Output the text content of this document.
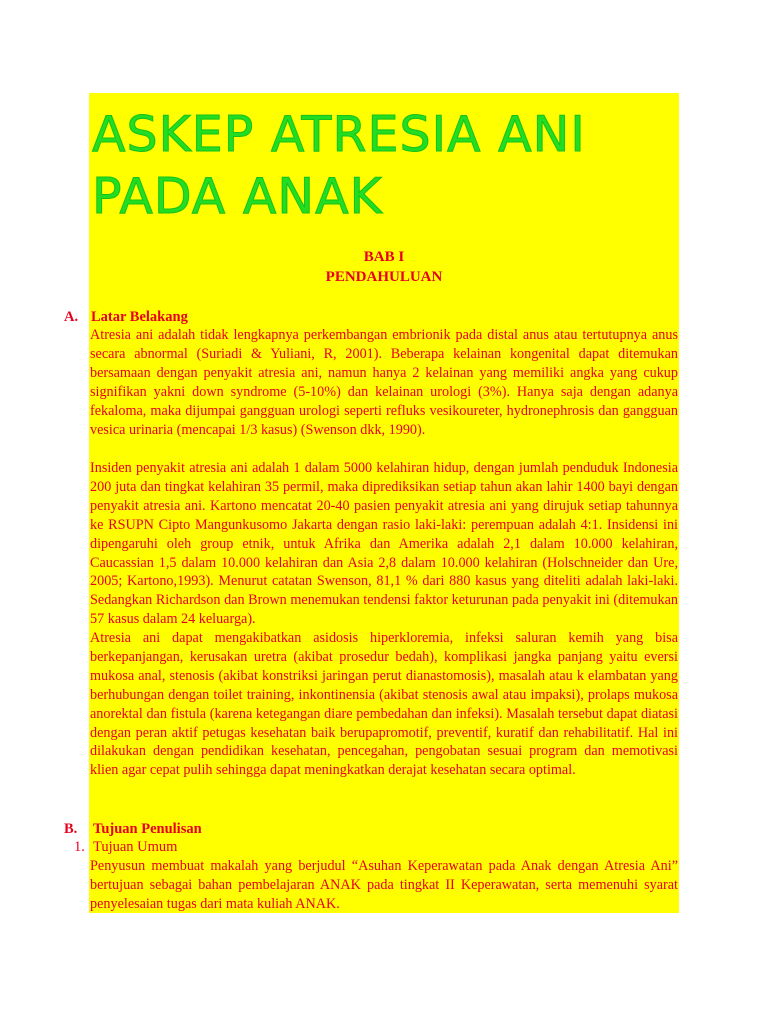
ASKEP ATRESIA ANI
PADA ANAK
BAB I
PENDAHULUAN
A. Latar Belakang

Atresia ani adalah tidak lengkapnya perkembangan embrionik pada distal anus atau tertutupnya anus secara abnormal (Suriadi & Yuliani, R, 2001). Beberapa kelainan kongenital dapat ditemukan bersamaan dengan penyakit atresia ani, namun hanya 2 kelainan yang memiliki angka yang cukup signifikan yakni down syndrome (5-10%) dan kelainan urologi (3%). Hanya saja dengan adanya fekaloma, maka dijumpai gangguan urologi seperti refluks vesikoureter, hydronephrosis dan gangguan vesica urinaria (mencapai 1/3 kasus) (Swenson dkk, 1990).

Insiden penyakit atresia ani adalah 1 dalam 5000 kelahiran hidup, dengan jumlah penduduk Indonesia 200 juta dan tingkat kelahiran 35 permil, maka diprediksikan setiap tahun akan lahir 1400 bayi dengan penyakit atresia ani. Kartono mencatat 20-40 pasien penyakit atresia ani yang dirujuk setiap tahunnya ke RSUPN Cipto Mangunkusomo Jakarta dengan rasio laki-laki: perempuan adalah 4:1. Insidensi ini dipengaruhi oleh group etnik, untuk Afrika dan Amerika adalah 2,1 dalam 10.000 kelahiran, Caucassian 1,5 dalam 10.000 kelahiran dan Asia 2,8 dalam 10.000 kelahiran (Holschneider dan Ure, 2005; Kartono,1993). Menurut catatan Swenson, 81,1 % dari 880 kasus yang diteliti adalah laki-laki. Sedangkan Richardson dan Brown menemukan tendensi faktor keturunan pada penyakit ini (ditemukan 57 kasus dalam 24 keluarga).

Atresia ani dapat mengakibatkan asidosis hiperkloremia, infeksi saluran kemih yang bisa berkepanjangan, kerusakan uretra (akibat prosedur bedah), komplikasi jangka panjang yaitu eversi mukosa anal, stenosis (akibat konstriksi jaringan perut dianastomosis), masalah atau k elambatan yang berhubungan dengan toilet training, inkontinensia (akibat stenosis awal atau impaksi), prolaps mukosa anorektal dan fistula (karena ketegangan diare pembedahan dan infeksi). Masalah tersebut dapat diatasi dengan peran aktif petugas kesehatan baik berupapromotif, preventif, kuratif dan rehabilitatif. Hal ini dilakukan dengan pendidikan kesehatan, pencegahan, pengobatan sesuai program dan memotivasi klien agar cepat pulih sehingga dapat meningkatkan derajat kesehatan secara optimal.

B. Tujuan Penulisan
1. Tujuan Umum

Penyusun membuat makalah yang berjudul “Asuhan Keperawatan pada Anak dengan Atresia Ani” bertujuan sebagai bahan pembelajaran ANAK pada tingkat II Keperawatan, serta memenuhi syarat penyelesaian tugas dari mata kuliah ANAK.
